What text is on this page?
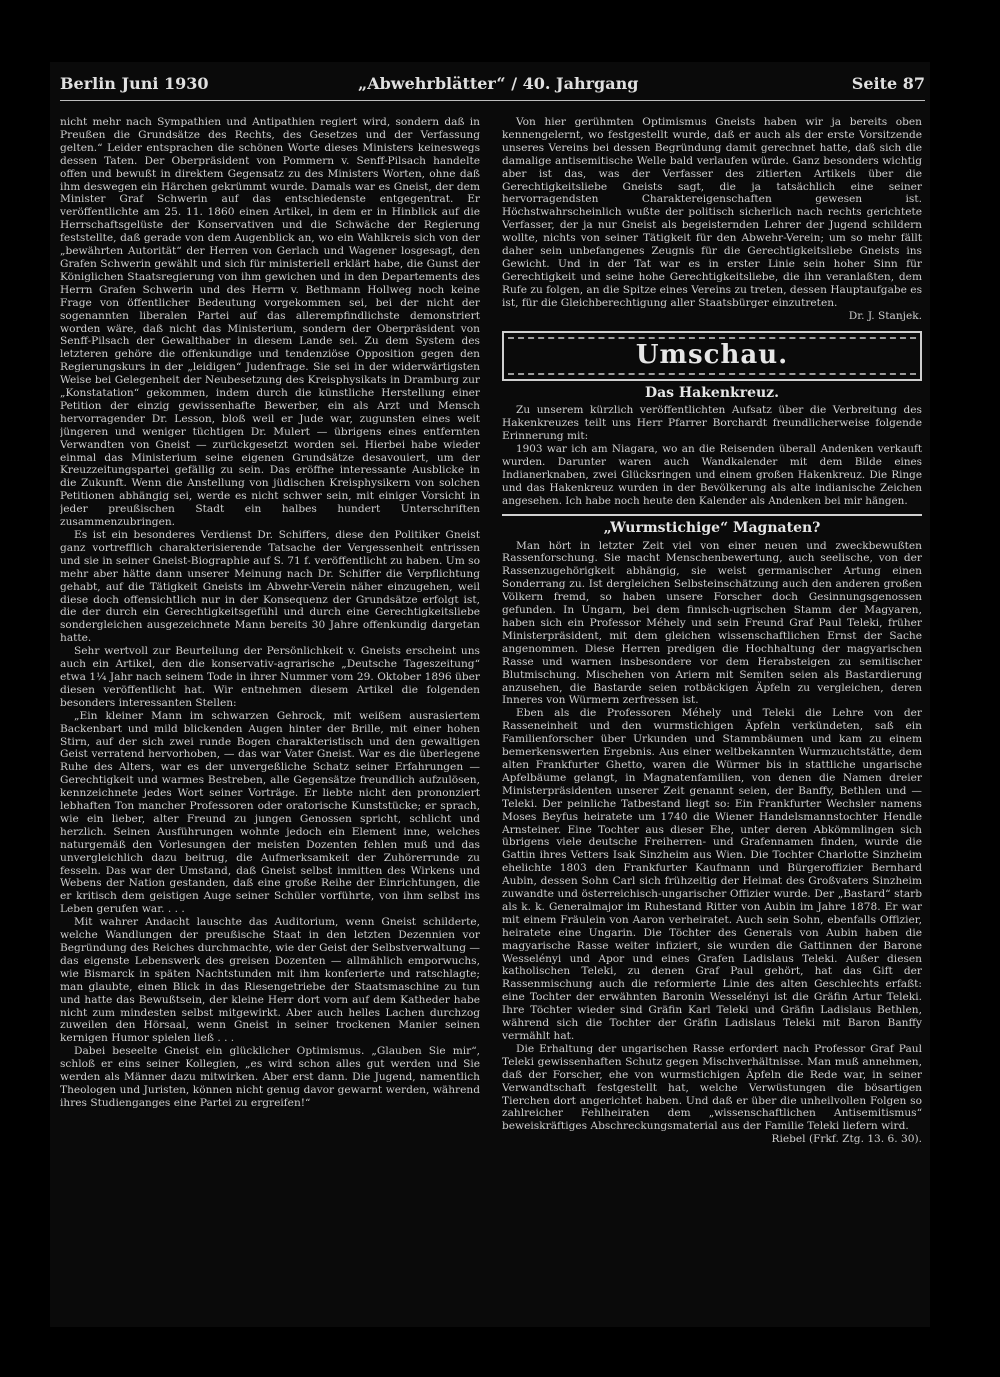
Berlin Juni 1930	„Abwehrblätter“ / 40. Jahrgang	Seite 87

nicht mehr nach Sympathien und Antipathien regiert wird, sondern daß in Preußen die Grundsätze des Rechts, des Gesetzes und der Verfassung gelten.“ Leider entsprachen die schönen Worte dieses Ministers keineswegs dessen Taten. Der Oberpräsident von Pommern v. Senff-Pilsach handelte offen und bewußt in direktem Gegensatz zu des Ministers Worten, ohne daß ihm deswegen ein Härchen gekrümmt wurde. Damals war es Gneist, der dem Minister Graf Schwerin auf das entschiedenste entgegentrat. Er veröffentlichte am 25. 11. 1860 einen Artikel, in dem er in Hinblick auf die Herrschaftsgelüste der Konservativen und die Schwäche der Regierung feststellte, daß gerade von dem Augenblick an, wo ein Wahlkreis sich von der „bewährten Autorität“ der Herren von Gerlach und Wagener losgesagt, den Grafen Schwerin gewählt und sich für ministeriell erklärt habe, die Gunst der Königlichen Staatsregierung von ihm gewichen und in den Departements des Herrn Grafen Schwerin und des Herrn v. Bethmann Hollweg noch keine Frage von öffentlicher Bedeutung vorgekommen sei, bei der nicht der sogenannten liberalen Partei auf das allerempfindlichste demonstriert worden wäre, daß nicht das Ministerium, sondern der Oberpräsident von Senff-Pilsach der Gewalthaber in diesem Lande sei. Zu dem System des letzteren gehöre die offenkundige und tendenziöse Opposition gegen den Regierungskurs in der „leidigen“ Judenfrage. Sie sei in der widerwärtigsten Weise bei Gelegenheit der Neubesetzung des Kreisphysikats in Dramburg zur „Konstatation“ gekommen, indem durch die künstliche Herstellung einer Petition der einzig gewissenhafte Bewerber, ein als Arzt und Mensch hervorragender Dr. Lesson, bloß weil er Jude war, zugunsten eines weit jüngeren und weniger tüchtigen Dr. Mulert — übrigens eines entfernten Verwandten von Gneist — zurückgesetzt worden sei. Hierbei habe wieder einmal das Ministerium seine eigenen Grundsätze desavouiert, um der Kreuzzeitungspartei gefällig zu sein. Das eröffne interessante Ausblicke in die Zukunft. Wenn die Anstellung von jüdischen Kreisphysikern von solchen Petitionen abhängig sei, werde es nicht schwer sein, mit einiger Vorsicht in jeder preußischen Stadt ein halbes hundert Unterschriften zusammenzubringen.

Es ist ein besonderes Verdienst Dr. Schiffers, diese den Politiker Gneist ganz vortrefflich charakterisierende Tatsache der Vergessenheit entrissen und sie in seiner Gneist-Biographie auf S. 71 f. veröffentlicht zu haben. Um so mehr aber hätte dann unserer Meinung nach Dr. Schiffer die Verpflichtung gehabt, auf die Tätigkeit Gneists im Abwehr-Verein näher einzugehen, weil diese doch offensichtlich nur in der Konsequenz der Grundsätze erfolgt ist, die der durch ein Gerechtigkeitsgefühl und durch eine Gerechtigkeitsliebe sondergleichen ausgezeichnete Mann bereits 30 Jahre offenkundig dargetan hatte.

Sehr wertvoll zur Beurteilung der Persönlichkeit v. Gneists erscheint uns auch ein Artikel, den die konservativ-agrarische „Deutsche Tageszeitung“ etwa 1¼ Jahr nach seinem Tode in ihrer Nummer vom 29. Oktober 1896 über diesen veröffentlicht hat. Wir entnehmen diesem Artikel die folgenden besonders interessanten Stellen:

„Ein kleiner Mann im schwarzen Gehrock, mit weißem ausrasiertem Backenbart und mild blickenden Augen hinter der Brille, mit einer hohen Stirn, auf der sich zwei runde Bogen charakteristisch und den gewaltigen Geist verratend hervorhoben, — das war Vater Gneist. War es die überlegene Ruhe des Alters, war es der unvergeßliche Schatz seiner Erfahrungen — Gerechtigkeit und warmes Bestreben, alle Gegensätze freundlich aufzulösen, kennzeichnete jedes Wort seiner Vorträge. Er liebte nicht den prononziert lebhaften Ton mancher Professoren oder oratorische Kunststücke; er sprach, wie ein lieber, alter Freund zu jungen Genossen spricht, schlicht und herzlich. Seinen Ausführungen wohnte jedoch ein Element inne, welches naturgemäß den Vorlesungen der meisten Dozenten fehlen muß und das unvergleichlich dazu beitrug, die Aufmerksamkeit der Zuhörerrunde zu fesseln. Das war der Umstand, daß Gneist selbst inmitten des Wirkens und Webens der Nation gestanden, daß eine große Reihe der Einrichtungen, die er kritisch dem geistigen Auge seiner Schüler vorführte, von ihm selbst ins Leben gerufen war. . . .

Mit wahrer Andacht lauschte das Auditorium, wenn Gneist schilderte, welche Wandlungen der preußische Staat in den letzten Dezennien vor Begründung des Reiches durchmachte, wie der Geist der Selbstverwaltung — das eigenste Lebenswerk des greisen Dozenten — allmählich emporwuchs, wie Bismarck in späten Nachtstunden mit ihm konferierte und ratschlagte; man glaubte, einen Blick in das Riesengetriebe der Staatsmaschine zu tun und hatte das Bewußtsein, der kleine Herr dort vorn auf dem Katheder habe nicht zum mindesten selbst mitgewirkt. Aber auch helles Lachen durchzog zuweilen den Hörsaal, wenn Gneist in seiner trockenen Manier seinen kernigen Humor spielen ließ . . .

Dabei beseelte Gneist ein glücklicher Optimismus. „Glauben Sie mir“, schloß er eins seiner Kollegien, „es wird schon alles gut werden und Sie werden als Männer dazu mitwirken. Aber erst dann. Die Jugend, namentlich Theologen und Juristen, können nicht genug davor gewarnt werden, während ihres Studienganges eine Partei zu ergreifen!“

Von hier gerühmten Optimismus Gneists haben wir ja bereits oben kennengelernt, wo festgestellt wurde, daß er auch als der erste Vorsitzende unseres Vereins bei dessen Begründung damit gerechnet hatte, daß sich die damalige antisemitische Welle bald verlaufen würde. Ganz besonders wichtig aber ist das, was der Verfasser des zitierten Artikels über die Gerechtigkeitsliebe Gneists sagt, die ja tatsächlich eine seiner hervorragendsten Charaktereigenschaften gewesen ist. Höchstwahrscheinlich wußte der politisch sicherlich nach rechts gerichtete Verfasser, der ja nur Gneist als begeisternden Lehrer der Jugend schildern wollte, nichts von seiner Tätigkeit für den Abwehr-Verein; um so mehr fällt daher sein unbefangenes Zeugnis für die Gerechtigkeitsliebe Gneists ins Gewicht. Und in der Tat war es in erster Linie sein hoher Sinn für Gerechtigkeit und seine hohe Gerechtigkeitsliebe, die ihn veranlaßten, dem Rufe zu folgen, an die Spitze eines Vereins zu treten, dessen Hauptaufgabe es ist, für die Gleichberechtigung aller Staatsbürger einzutreten.

Dr. J. Stanjek.

Umschau.
Das Hakenkreuz.

Zu unserem kürzlich veröffentlichten Aufsatz über die Verbreitung des Hakenkreuzes teilt uns Herr Pfarrer Borchardt freundlicherweise folgende Erinnerung mit:

1903 war ich am Niagara, wo an die Reisenden überall Andenken verkauft wurden. Darunter waren auch Wandkalender mit dem Bilde eines Indianerknaben, zwei Glücksringen und einem großen Hakenkreuz. Die Ringe und das Hakenkreuz wurden in der Bevölkerung als alte indianische Zeichen angesehen. Ich habe noch heute den Kalender als Andenken bei mir hängen.

„Wurmstichige“ Magnaten?

Man hört in letzter Zeit viel von einer neuen und zweckbewußten Rassenforschung. Sie macht Menschenbewertung, auch seelische, von der Rassenzugehörigkeit abhängig, sie weist germanischer Artung einen Sonderrang zu. Ist dergleichen Selbsteinschätzung auch den anderen großen Völkern fremd, so haben unsere Forscher doch Gesinnungsgenossen gefunden. In Ungarn, bei dem finnisch-ugrischen Stamm der Magyaren, haben sich ein Professor Méhely und sein Freund Graf Paul Teleki, früher Ministerpräsident, mit dem gleichen wissenschaftlichen Ernst der Sache angenommen. Diese Herren predigen die Hochhaltung der magyarischen Rasse und warnen insbesondere vor dem Herabsteigen zu semitischer Blutmischung. Mischehen von Ariern mit Semiten seien als Bastardierung anzusehen, die Bastarde seien rotbäckigen Äpfeln zu vergleichen, deren Inneres von Würmern zerfressen ist.

Eben als die Professoren Méhely und Teleki die Lehre von der Rasseneinheit und den wurmstichigen Äpfeln verkündeten, saß ein Familienforscher über Urkunden und Stammbäumen und kam zu einem bemerkenswerten Ergebnis. Aus einer weltbekannten Wurmzuchtstätte, dem alten Frankfurter Ghetto, waren die Würmer bis in stattliche ungarische Apfelbäume gelangt, in Magnatenfamilien, von denen die Namen dreier Ministerpräsidenten unserer Zeit genannt seien, der Banffy, Bethlen und — Teleki. Der peinliche Tatbestand liegt so: Ein Frankfurter Wechsler namens Moses Beyfus heiratete um 1740 die Wiener Handelsmannstochter Hendle Arnsteiner. Eine Tochter aus dieser Ehe, unter deren Abkömmlingen sich übrigens viele deutsche Freiherren- und Grafennamen finden, wurde die Gattin ihres Vetters Isak Sinzheim aus Wien. Die Tochter Charlotte Sinzheim ehelichte 1803 den Frankfurter Kaufmann und Bürgeroffizier Bernhard Aubin, dessen Sohn Carl sich frühzeitig der Heimat des Großvaters Sinzheim zuwandte und österreichisch-ungarischer Offizier wurde. Der „Bastard“ starb als k. k. Generalmajor im Ruhestand Ritter von Aubin im Jahre 1878. Er war mit einem Fräulein von Aaron verheiratet. Auch sein Sohn, ebenfalls Offizier, heiratete eine Ungarin. Die Töchter des Generals von Aubin haben die magyarische Rasse weiter infiziert, sie wurden die Gattinnen der Barone Wesselényi und Apor und eines Grafen Ladislaus Teleki. Außer diesen katholischen Teleki, zu denen Graf Paul gehört, hat das Gift der Rassenmischung auch die reformierte Linie des alten Geschlechts erfaßt: eine Tochter der erwähnten Baronin Wesselényi ist die Gräfin Artur Teleki. Ihre Töchter wieder sind Gräfin Karl Teleki und Gräfin Ladislaus Bethlen, während sich die Tochter der Gräfin Ladislaus Teleki mit Baron Banffy vermählt hat.

Die Erhaltung der ungarischen Rasse erfordert nach Professor Graf Paul Teleki gewissenhaften Schutz gegen Mischverhältnisse. Man muß annehmen, daß der Forscher, ehe von wurmstichigen Äpfeln die Rede war, in seiner Verwandtschaft festgestellt hat, welche Verwüstungen die bösartigen Tierchen dort angerichtet haben. Und daß er über die unheilvollen Folgen so zahlreicher Fehlheiraten dem „wissenschaftlichen Antisemitismus“ beweiskräftiges Abschreckungsmaterial aus der Familie Teleki liefern wird.

Riebel (Frkf. Ztg. 13. 6. 30).
